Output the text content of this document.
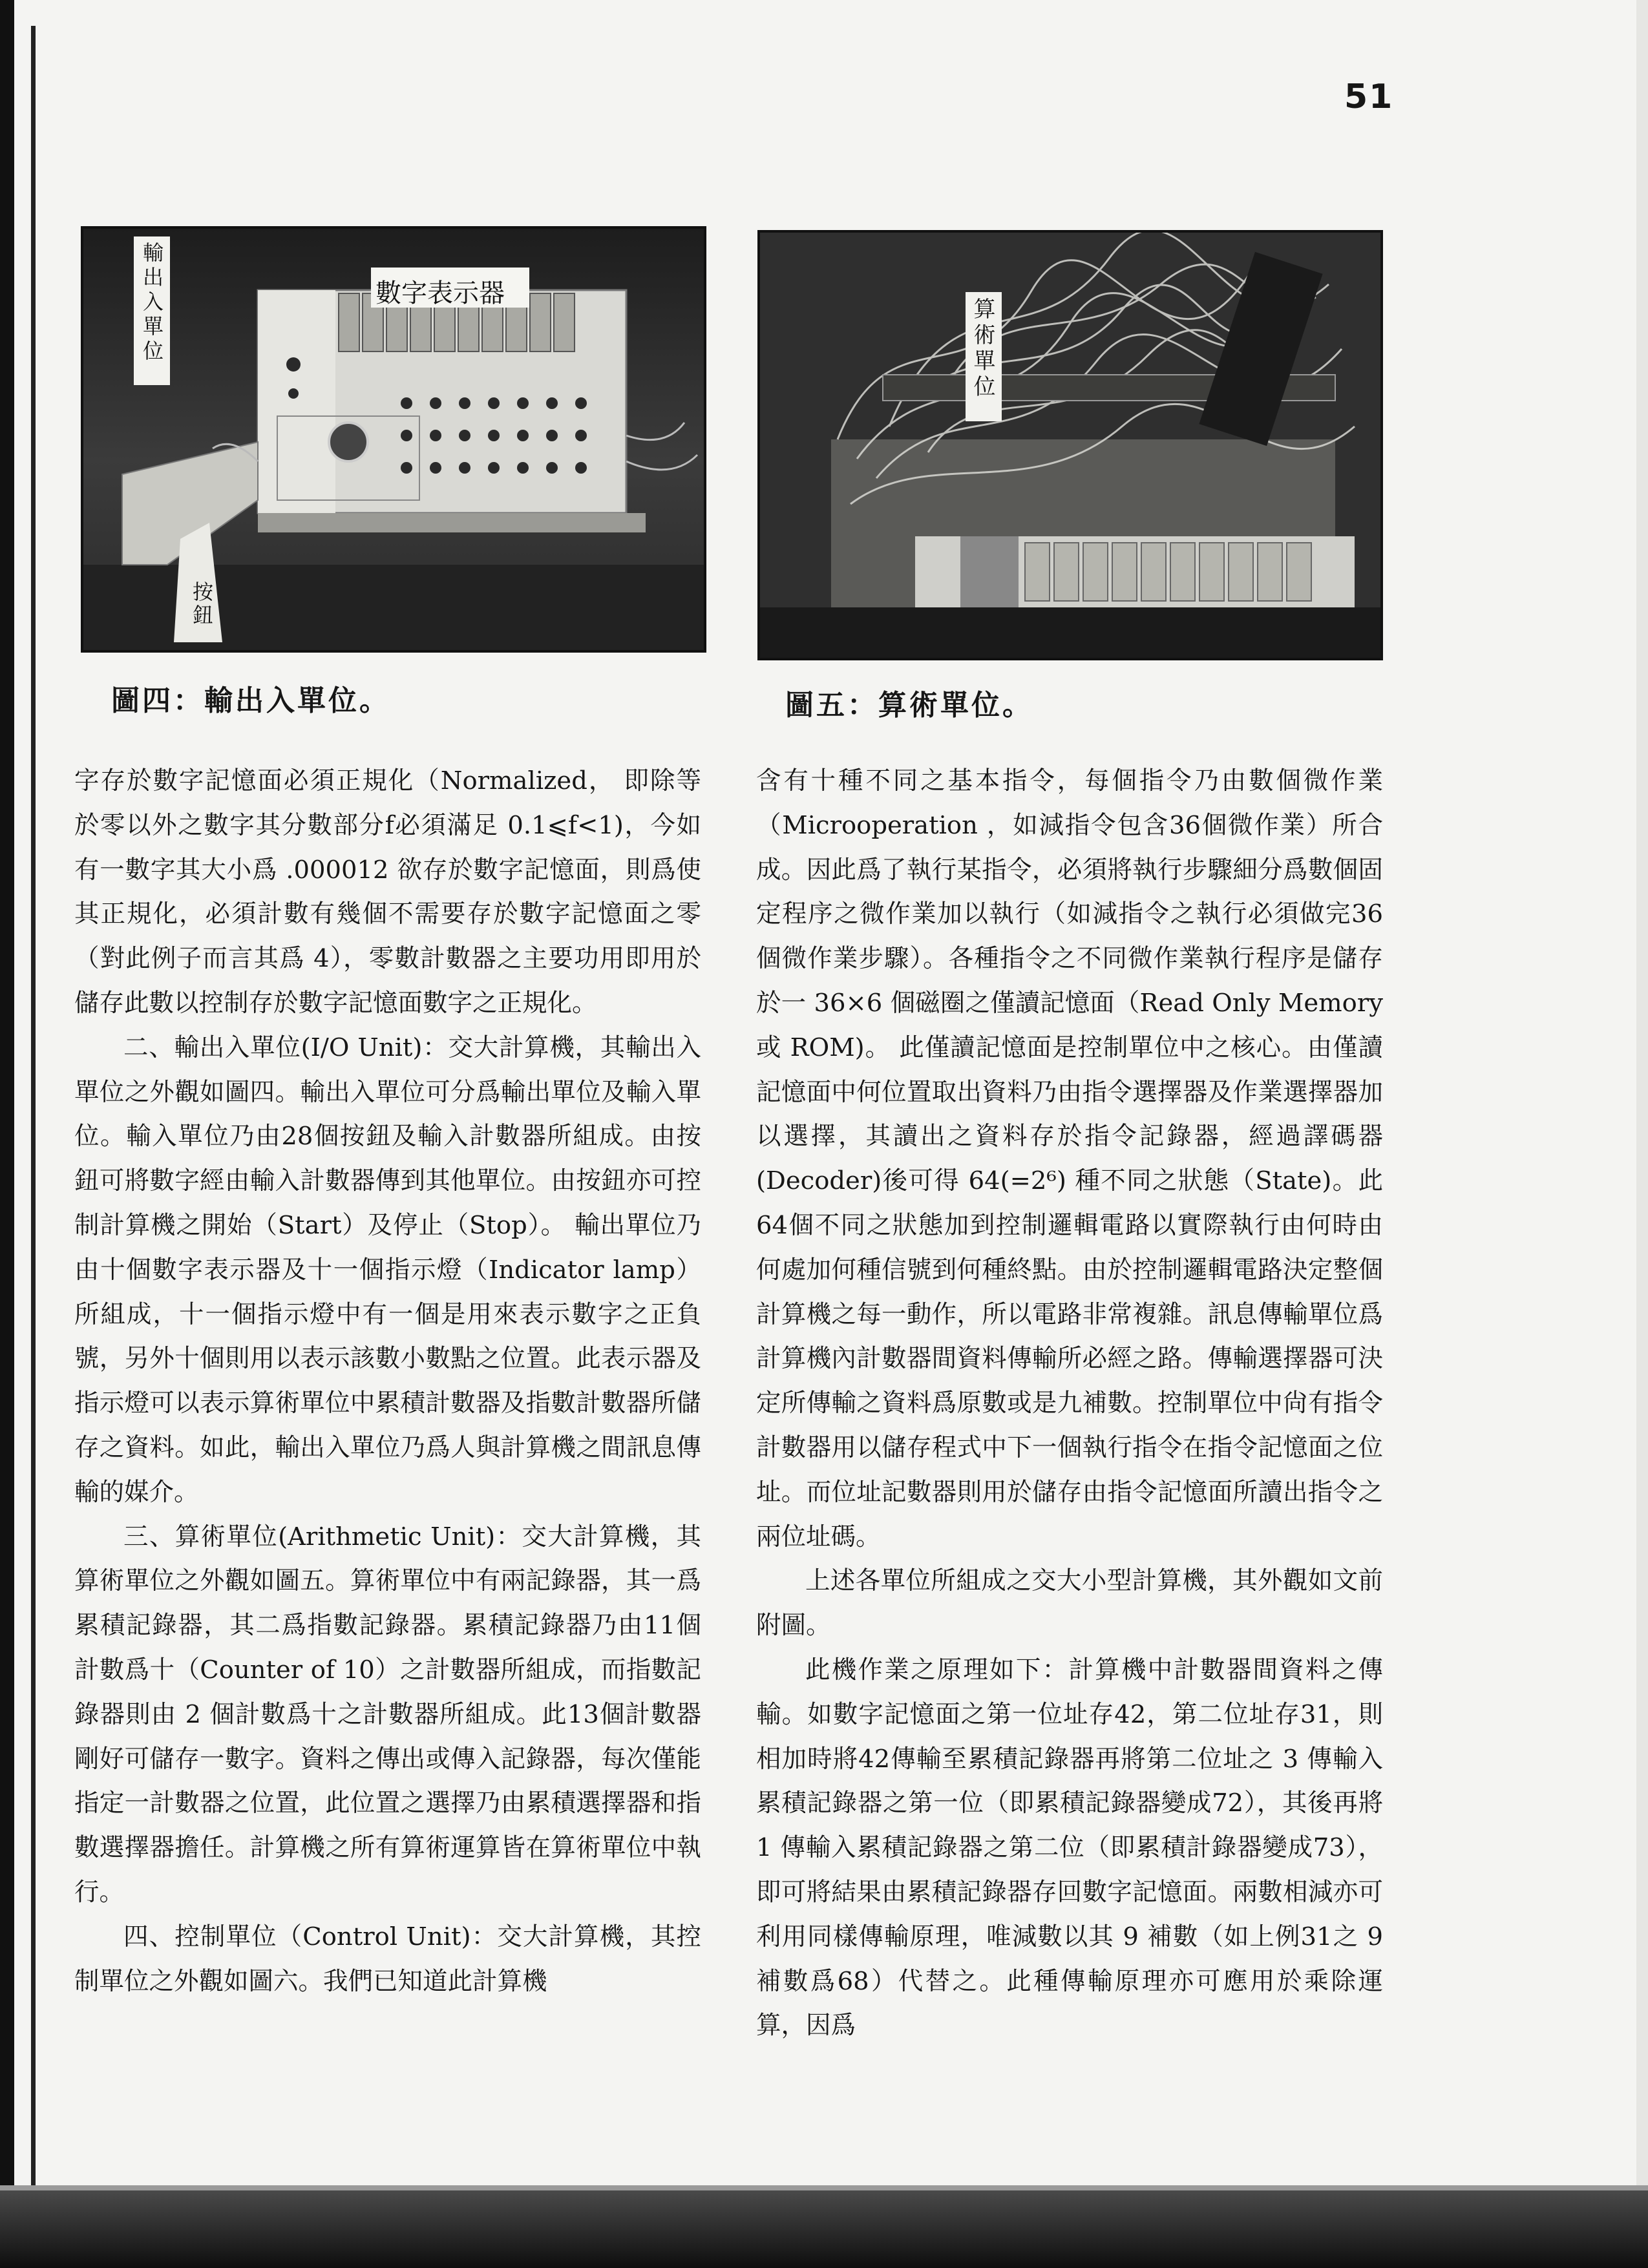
51
輸出入單位	數字表示器
按鈕
算術單位
圖四：輸出入單位。	圖五：算術單位。

字存於數字記憶面必須正規化（Normalized， 即除等於零以外之數字其分數部分f必須滿足 0.1⩽f<1)，今如有一數字其大小爲 .000012 欲存於數字記憶面，則爲使其正規化，必須計數有幾個不需要存於數字記憶面之零（對此例子而言其爲 4），零數計數器之主要功用即用於儲存此數以控制存於數字記憶面數字之正規化。

二、輸出入單位(I/O Unit)：交大計算機，其輸出入單位之外觀如圖四。輸出入單位可分爲輸出單位及輸入單位。輸入單位乃由28個按鈕及輸入計數器所組成。由按鈕可將數字經由輸入計數器傳到其他單位。由按鈕亦可控制計算機之開始（Start）及停止（Stop）。 輸出單位乃由十個數字表示器及十一個指示燈（Indicator lamp）所組成，十一個指示燈中有一個是用來表示數字之正負號，另外十個則用以表示該數小數點之位置。此表示器及指示燈可以表示算術單位中累積計數器及指數計數器所儲存之資料。如此，輸出入單位乃爲人與計算機之間訊息傳輸的媒介。

三、算術單位(Arithmetic Unit)：交大計算機，其算術單位之外觀如圖五。算術單位中有兩記錄器，其一爲累積記錄器，其二爲指數記錄器。累積記錄器乃由11個計數爲十（Counter of 10）之計數器所組成，而指數記錄器則由 2 個計數爲十之計數器所組成。此13個計數器剛好可儲存一數字。資料之傳出或傳入記錄器，每次僅能指定一計數器之位置，此位置之選擇乃由累積選擇器和指數選擇器擔任。計算機之所有算術運算皆在算術單位中執行。

四、控制單位（Control Unit)：交大計算機，其控制單位之外觀如圖六。我們已知道此計算機

含有十種不同之基本指令，每個指令乃由數個微作業（Microoperation ，如減指令包含36個微作業）所合成。因此爲了執行某指令，必須將執行步驟細分爲數個固定程序之微作業加以執行（如減指令之執行必須做完36個微作業步驟）。各種指令之不同微作業執行程序是儲存於一 36×6 個磁圈之僅讀記憶面（Read Only Memory 或 ROM)。 此僅讀記憶面是控制單位中之核心。由僅讀記憶面中何位置取出資料乃由指令選擇器及作業選擇器加以選擇，其讀出之資料存於指令記錄器，經過譯碼器(Decoder)後可得 64(=2⁶) 種不同之狀態（State)。此64個不同之狀態加到控制邏輯電路以實際執行由何時由何處加何種信號到何種終點。由於控制邏輯電路決定整個計算機之每一動作，所以電路非常複雜。訊息傳輸單位爲計算機內計數器間資料傳輸所必經之路。傳輸選擇器可決定所傳輸之資料爲原數或是九補數。控制單位中尙有指令計數器用以儲存程式中下一個執行指令在指令記憶面之位址。而位址記數器則用於儲存由指令記憶面所讀出指令之兩位址碼。

上述各單位所組成之交大小型計算機，其外觀如文前附圖。

此機作業之原理如下：計算機中計數器間資料之傳輸。如數字記憶面之第一位址存42，第二位址存31，則相加時將42傳輸至累積記錄器再將第二位址之 3 傳輸入累積記錄器之第一位（即累積記錄器變成72），其後再將 1 傳輸入累積記錄器之第二位（即累積計錄器變成73），即可將結果由累積記錄器存回數字記憶面。兩數相減亦可利用同樣傳輸原理，唯減數以其 9 補數（如上例31之 9 補數爲68）代替之。此種傳輸原理亦可應用於乘除運算，因爲
